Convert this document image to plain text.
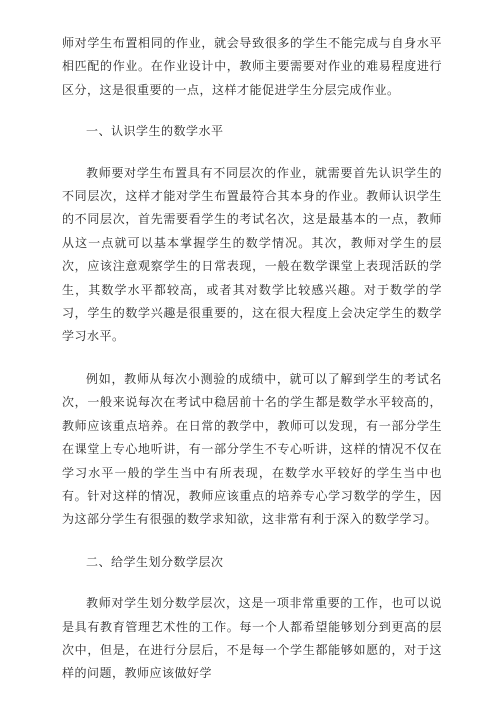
师对学生布置相同的作业，就会导致很多的学生不能完成与自身水平相匹配的作业。在作业设计中，教师主要需要对作业的难易程度进行区分，这是很重要的一点，这样才能促进学生分层完成作业。

一、认识学生的数学水平

教师要对学生布置具有不同层次的作业，就需要首先认识学生的不同层次，这样才能对学生布置最符合其本身的作业。教师认识学生的不同层次，首先需要看学生的考试名次，这是最基本的一点，教师从这一点就可以基本掌握学生的数学情况。其次，教师对学生的层次，应该注意观察学生的日常表现，一般在数学课堂上表现活跃的学生，其数学水平都较高，或者其对数学比较感兴趣。对于数学的学习，学生的数学兴趣是很重要的，这在很大程度上会决定学生的数学学习水平。

例如，教师从每次小测验的成绩中，就可以了解到学生的考试名次，一般来说每次在考试中稳居前十名的学生都是数学水平较高的，教师应该重点培养。在日常的教学中，教师可以发现，有一部分学生在课堂上专心地听讲，有一部分学生不专心听讲，这样的情况不仅在学习水平一般的学生当中有所表现，在数学水平较好的学生当中也有。针对这样的情况，教师应该重点的培养专心学习数学的学生，因为这部分学生有很强的数学求知欲，这非常有利于深入的数学学习。

二、给学生划分数学层次

教师对学生划分数学层次，这是一项非常重要的工作，也可以说是具有教育管理艺术性的工作。每一个人都希望能够划分到更高的层次中，但是，在进行分层后，不是每一个学生都能够如愿的，对于这样的问题，教师应该做好学
